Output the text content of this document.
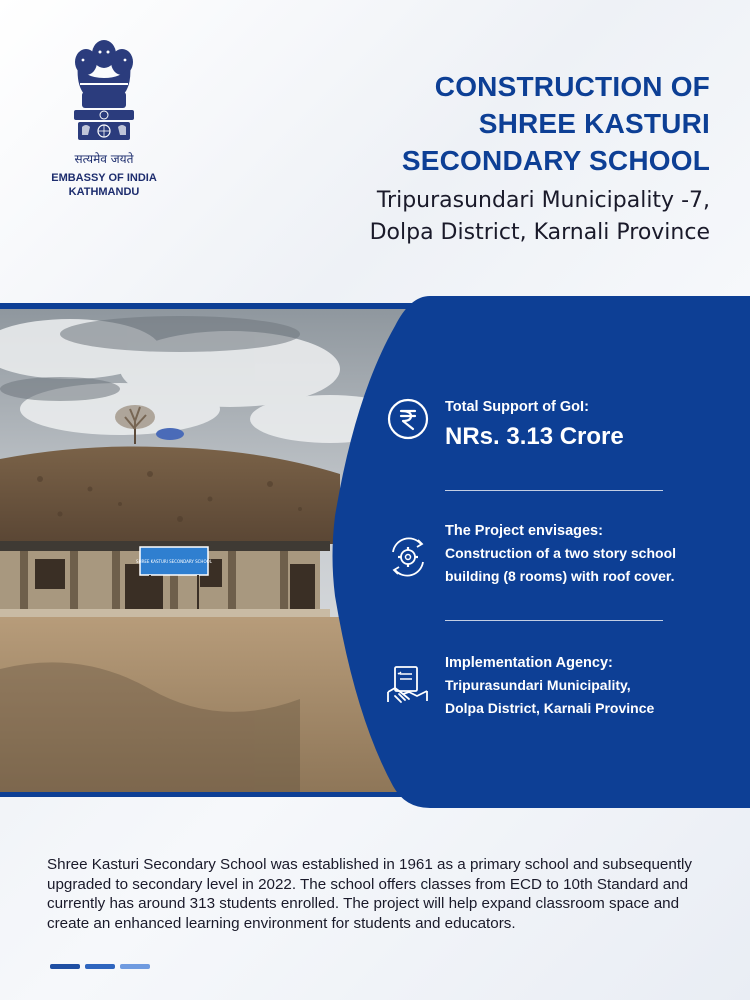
सत्यमेव जयते
EMBASSY OF INDIA
KATHMANDU
CONSTRUCTION OF
SHREE KASTURI
SECONDARY SCHOOL
Tripurasundari Municipality -7,
Dolpa District, Karnali Province
SHREE KASTURI SECONDARY SCHOOL
Total Support of GoI:
NRs. 3.13 Crore
The Project envisages:
Construction of a two story school
building (8 rooms) with roof cover.
Implementation Agency:
Tripurasundari Municipality,
Dolpa District, Karnali Province

Shree Kasturi Secondary School was established in 1961 as a primary school and subsequently upgraded to secondary level in 2022. The school offers classes from ECD to 10th Standard and currently has around 313 students enrolled. The project will help expand classroom space and create an enhanced learning environment for students and educators.
